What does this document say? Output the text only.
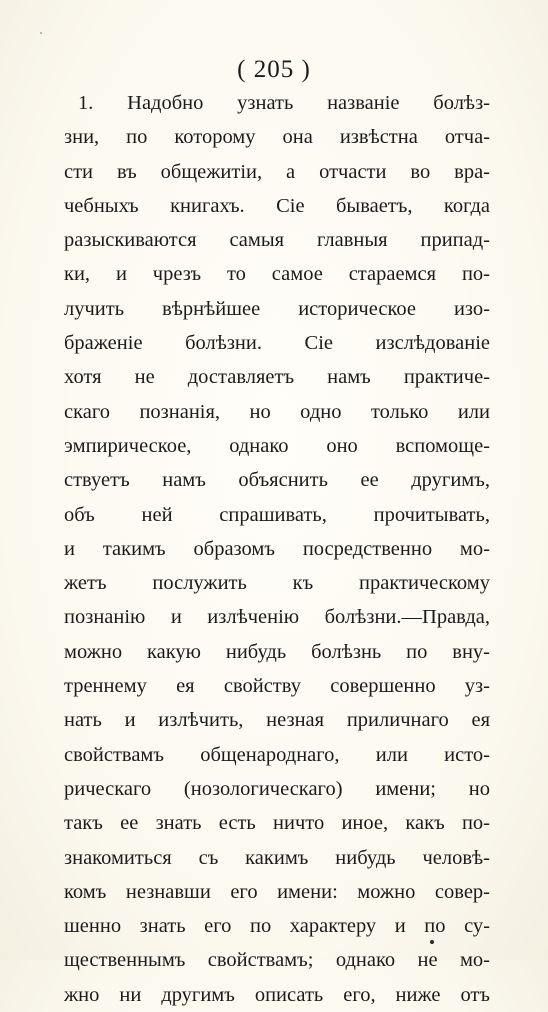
( 205 )
1. Надобно узнать названіе болѣз-
зни, по которому она извѣстна отча-
сти въ общежитіи, а отчасти во вра-
чебныхъ книгахъ. Сіе бываетъ, когда
разыскиваются самыя главныя припад-
ки, и чрезъ то самое стараемся по-
лучить вѣрнѣйшее историческое изо-
браженіе болѣзни. Сіе изслѣдованіе
хотя не доставляетъ намъ практиче-
скаго познанія, но одно только или
эмпирическое, однако оно вспомоще-
ствуетъ намъ объяснить ее другимъ,
объ ней спрашивать, прочитывать,
и такимъ образомъ посредственно мо-
жетъ послужить къ практическому
познанію и излѣченію болѣзни.—Правда,
можно какую нибудь болѣзнь по вну-
треннему ея свойству совершенно уз-
нать и излѣчить, незная приличнаго ея
свойствамъ общенароднаго, или исто-
рическаго (нозологическаго) имени; но
такъ ее знать есть ничто иное, какъ по-
знакомиться съ какимъ нибудь человѣ-
комъ незнавши его имени: можно совер-
шенно знать его по характеру и по су-
щественнымъ свойствамъ; однако не мо-
жно ни другимъ описать его, ниже отъ
